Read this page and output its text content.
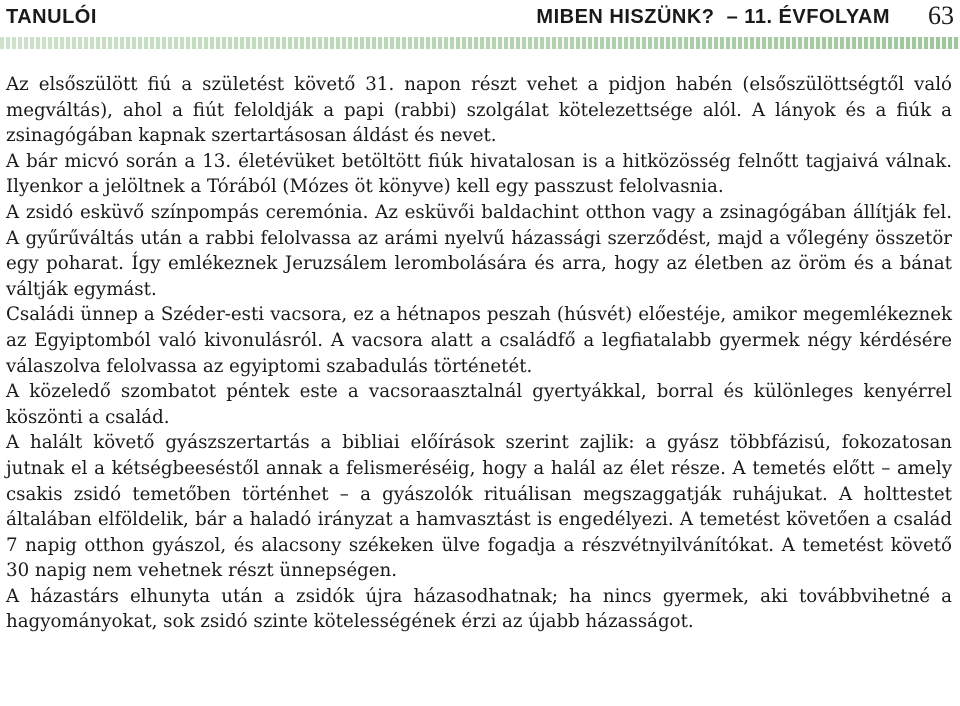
TANULÓI	MIBEN HISZÜNK?  – 11. ÉVFOLYAM 63

Az elsőszülött fiú a születést követő 31. napon részt vehet a pidjon habén (elsőszülöttségtől való megváltás), ahol a fiút feloldják a papi (rabbi) szolgálat kötelezettsége alól. A lányok és a fiúk a zsinagógában kapnak szertartásosan áldást és nevet.

A bár micvó során a 13. életévüket betöltött fiúk hivatalosan is a hitközösség felnőtt tagjaivá válnak. Ilyenkor a jelöltnek a Tórából (Mózes öt könyve) kell egy passzust felolvasnia.

A zsidó esküvő színpompás ceremónia. Az esküvői baldachint otthon vagy a zsinagógában állítják fel. A gyűrűváltás után a rabbi felolvassa az arámi nyelvű házassági szerződést, majd a vőlegény összetör egy poharat. Így emlékeznek Jeruzsálem lerombolására és arra, hogy az életben az öröm és a bánat váltják egymást.

Családi ünnep a Széder-esti vacsora, ez a hétnapos peszah (húsvét) előestéje, amikor megemlékeznek az Egyiptomból való kivonulásról. A vacsora alatt a családfő a legfiatalabb gyermek négy kérdésére válaszolva felolvassa az egyiptomi szabadulás történetét.

A közeledő szombatot péntek este a vacsoraasztalnál gyertyákkal, borral és különleges kenyérrel köszönti a család.

A halált követő gyászszertartás a bibliai előírások szerint zajlik: a gyász többfázisú, fokozatosan jutnak el a kétségbeeséstől annak a felismeréséig, hogy a halál az élet része. A temetés előtt – amely csakis zsidó temetőben történhet – a gyászolók rituálisan megszaggatják ruhájukat. A holttestet általában elföldelik, bár a haladó irányzat a hamvasztást is engedélyezi. A temetést követően a család 7 napig otthon gyászol, és alacsony székeken ülve fogadja a részvétnyilvánítókat. A temetést követő 30 napig nem vehetnek részt ünnepségen.

A házastárs elhunyta után a zsidók újra házasodhatnak; ha nincs gyermek, aki továbbvihetné a hagyományokat, sok zsidó szinte kötelességének érzi az újabb házasságot.
